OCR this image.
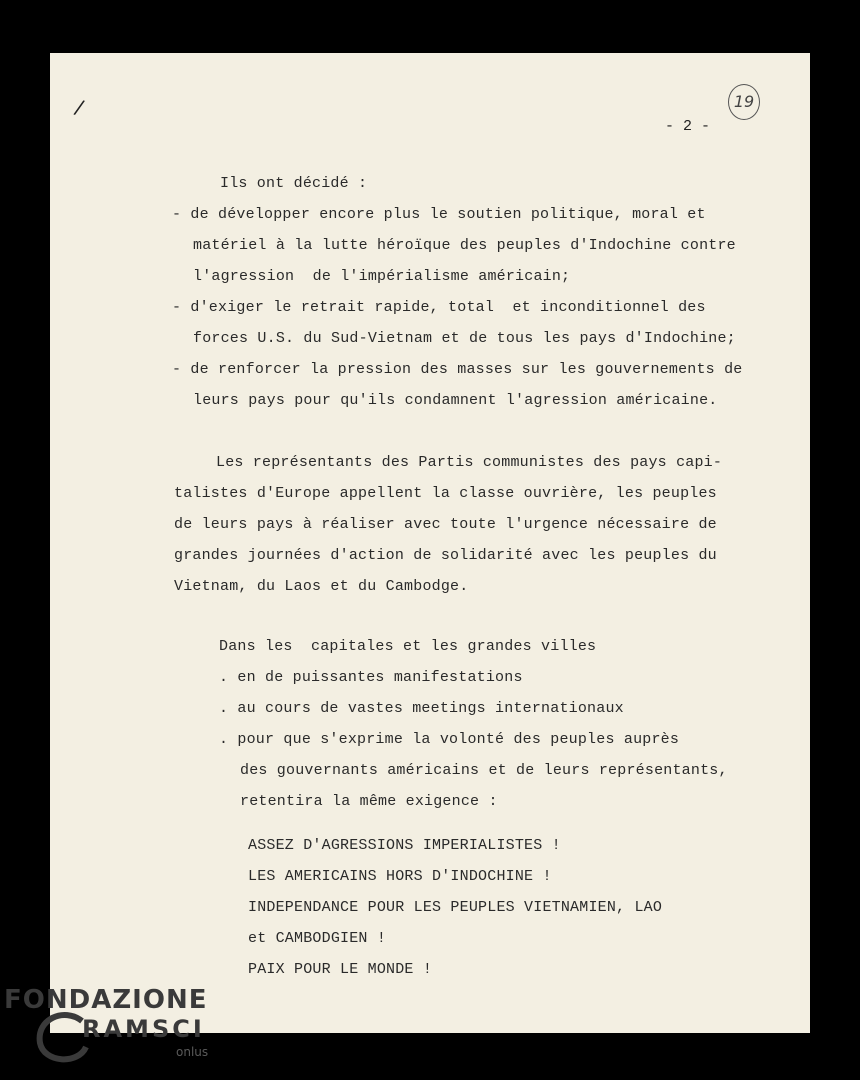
/	19
- 2 -
Ils ont décidé :
- de développer encore plus le soutien politique, moral et
matériel à la lutte héroïque des peuples d'Indochine contre
l'agression  de l'impérialisme américain;
- d'exiger le retrait rapide, total  et inconditionnel des
forces U.S. du Sud-Vietnam et de tous les pays d'Indochine;
- de renforcer la pression des masses sur les gouvernements de
leurs pays pour qu'ils condamnent l'agression américaine.
Les représentants des Partis communistes des pays capi-
talistes d'Europe appellent la classe ouvrière, les peuples
de leurs pays à réaliser avec toute l'urgence nécessaire de
grandes journées d'action de solidarité avec les peuples du
Vietnam, du Laos et du Cambodge.
Dans les  capitales et les grandes villes
. en de puissantes manifestations
. au cours de vastes meetings internationaux
. pour que s'exprime la volonté des peuples auprès
des gouvernants américains et de leurs représentants,
retentira la même exigence :
ASSEZ D'AGRESSIONS IMPERIALISTES !
LES AMERICAINS HORS D'INDOCHINE !
INDEPENDANCE POUR LES PEUPLES VIETNAMIEN, LAO
et CAMBODGIEN !
PAIX POUR LE MONDE !
FONDAZIONE
RAMSCI
onlus
